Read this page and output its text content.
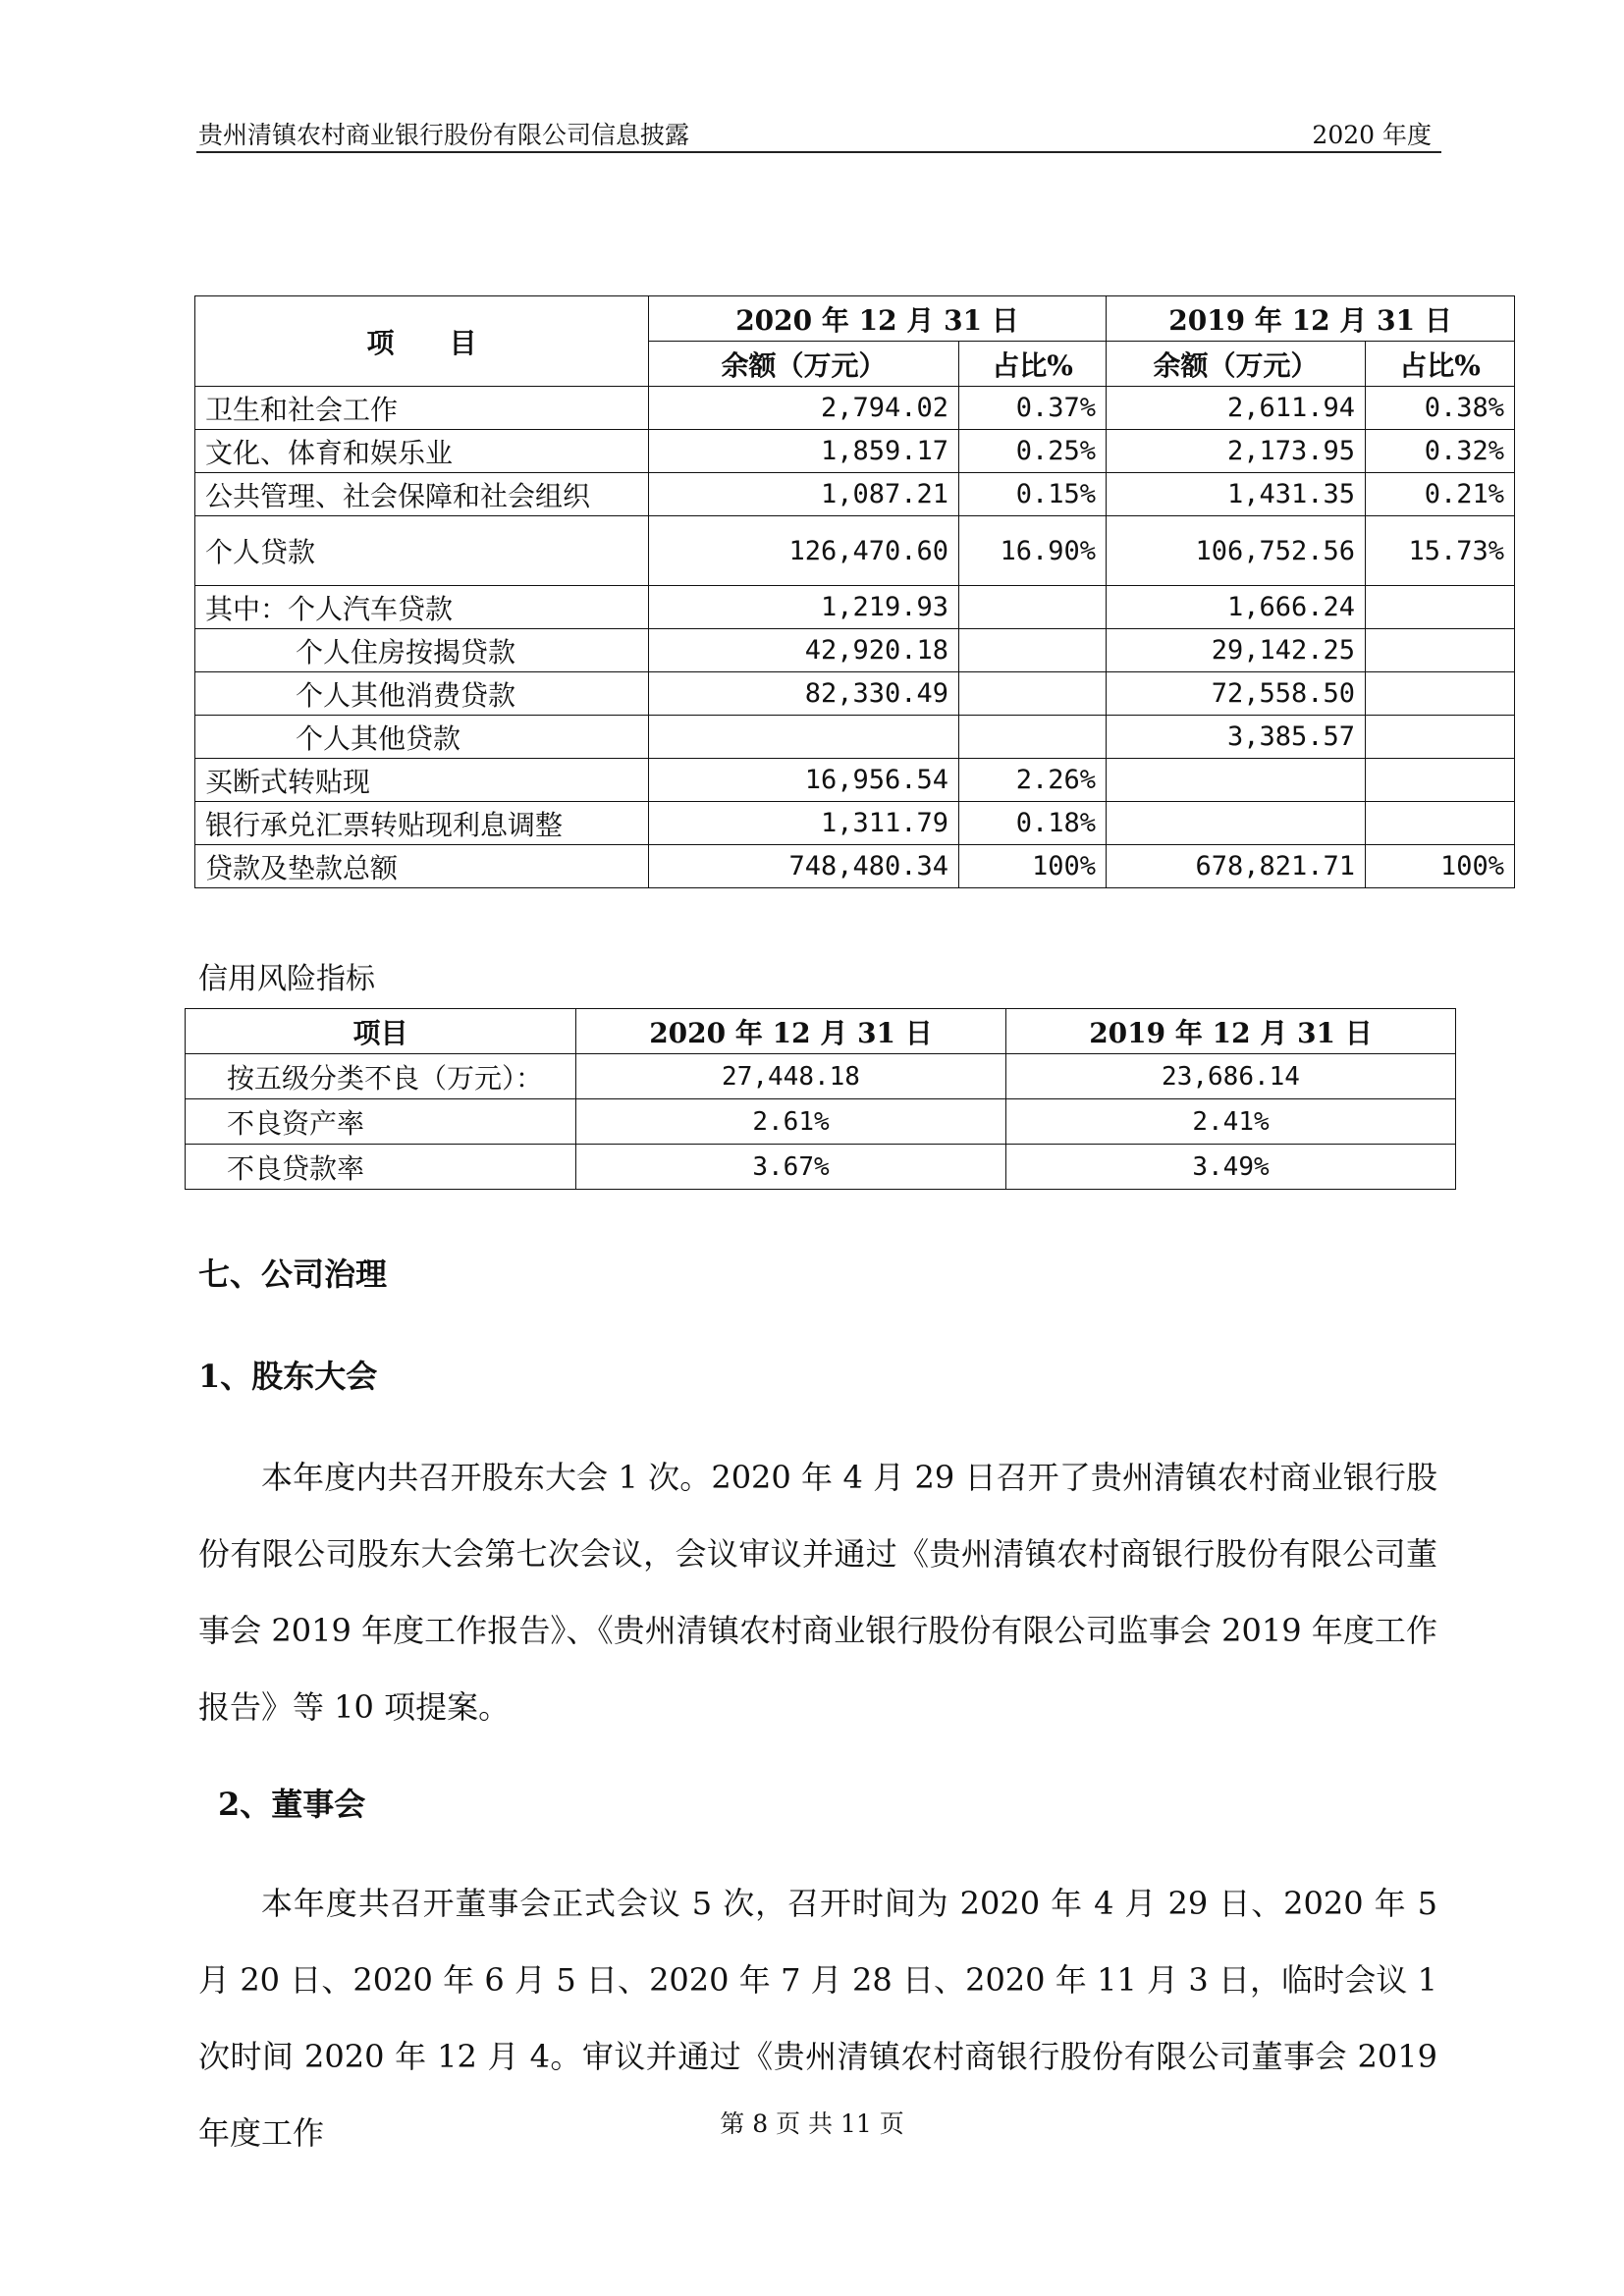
贵州清镇农村商业银行股份有限公司信息披露	2020 年度
项　　目	2020 年 12 月 31 日		2019 年 12 月 31 日	
	余额（万元）	占比%	余额（万元）	占比%
卫生和社会工作	2,794.02	0.37%	2,611.94	0.38%
文化、体育和娱乐业	1,859.17	0.25%	2,173.95	0.32%
公共管理、社会保障和社会组织	1,087.21	0.15%	1,431.35	0.21%
个人贷款	126,470.60	16.90%	106,752.56	15.73%
其中：个人汽车贷款	1,219.93		1,666.24	
个人住房按揭贷款	42,920.18		29,142.25	
个人其他消费贷款	82,330.49		72,558.50	
个人其他贷款			3,385.57	
买断式转贴现	16,956.54	2.26%		
银行承兑汇票转贴现利息调整	1,311.79	0.18%		
贷款及垫款总额	748,480.34	100%	678,821.71	100%
信用风险指标
项目	2020 年 12 月 31 日	2019 年 12 月 31 日
按五级分类不良（万元）：	27,448.18	23,686.14
不良资产率	2.61%	2.41%
不良贷款率	3.67%	3.49%
七、公司治理
1、股东大会
本年度内共召开股东大会 1 次。2020 年 4 月 29 日召开了贵州清镇农村商业银行股份有限公司股东大会第七次会议，会议审议并通过《贵州清镇农村商银行股份有限公司董事会 2019 年度工作报告》、《贵州清镇农村商业银行股份有限公司监事会 2019 年度工作报告》等 10 项提案。
2、董事会
本年度共召开董事会正式会议 5 次，召开时间为 2020 年 4 月 29 日、2020 年 5 月 20 日、2020 年 6 月 5 日、2020 年 7 月 28 日、2020 年 11 月 3 日，临时会议 1 次时间 2020 年 12 月 4。审议并通过《贵州清镇农村商银行股份有限公司董事会 2019 年度工作	第 8 页 共 11 页
